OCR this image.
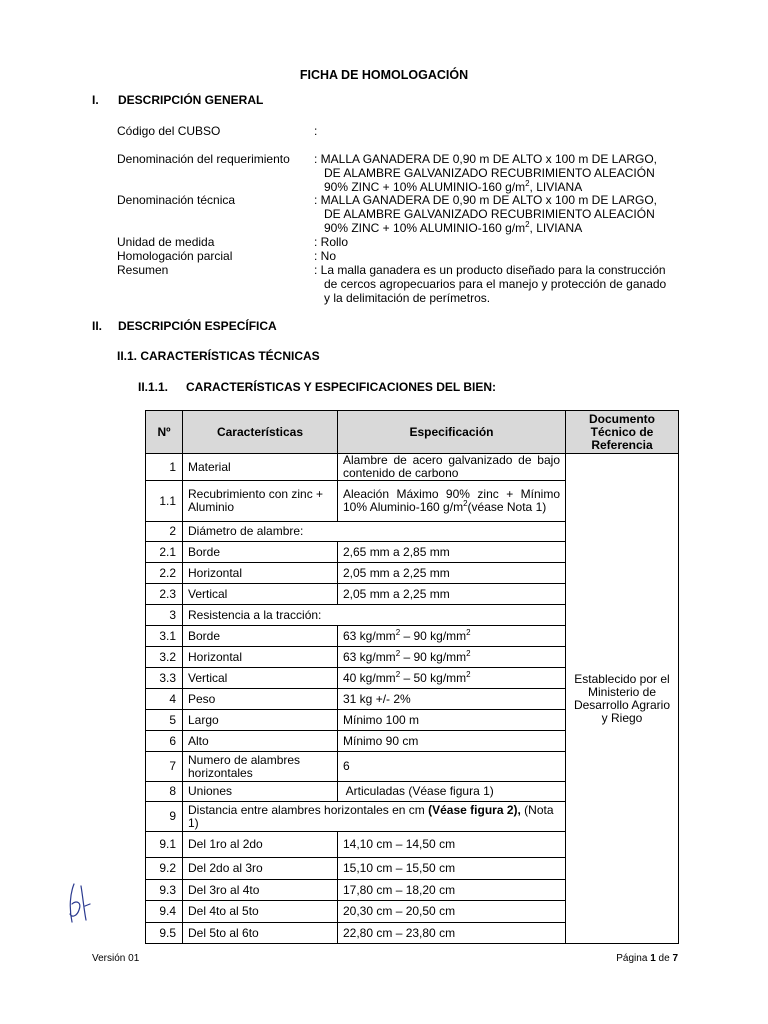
FICHA DE HOMOLOGACIÓN
I. DESCRIPCIÓN GENERAL
Código del CUBSO	:
Denominación del requerimiento : MALLA GANADERA DE 0,90 m DE ALTO x 100 m DE LARGO,
DE ALAMBRE GALVANIZADO RECUBRIMIENTO ALEACIÓN
90% ZINC + 10% ALUMINIO-160 $g/m^2$, LIVIANA
Denominación técnica	: MALLA GANADERA DE 0,90 m DE ALTO x 100 m DE LARGO,
DE ALAMBRE GALVANIZADO RECUBRIMIENTO ALEACIÓN
90% ZINC + 10% ALUMINIO-160 $g/m^2$, LIVIANA
Unidad de medida	: Rollo
Homologación parcial	: No
Resumen	: La malla ganadera es un producto diseñado para la construcción
de cercos agropecuarios para el manejo y protección de ganado
y la delimitación de perímetros.
II. DESCRIPCIÓN ESPECÍFICA
II.1. CARACTERÍSTICAS TÉCNICAS
II.1.1. CARACTERÍSTICAS Y ESPECIFICACIONES DEL BIEN:
Nº	Características	Especificación	Documento Técnico de Referencia
1	Material	Alambre de acero galvanizado de bajo contenido de carbono	Establecido por el Ministerio de Desarrollo Agrario y Riego
1.1	Recubrimiento con zinc + Aluminio	Aleación Máximo 90% zinc + Mínimo 10% Aluminio-160 $g/m^2(véase$ Nota 1)	
2	Diámetro de alambre:		
2.1	Borde	2,65 mm a 2,85 mm	
2.2	Horizontal	2,05 mm a 2,25 mm	
2.3	Vertical	2,05 mm a 2,25 mm	
3	Resistencia a la tracción:		
3.1	Borde	63 $kg/mm^2 - 90$ $kg/mm^2$
3.2	Horizontal	63 $kg/mm^2 - 90$ $kg/mm^2$
3.3	Vertical	40 $kg/mm^2 - 50$ $kg/mm^2$
4	Peso	31 kg +/- 2%	
5	Largo	Mínimo 100 m	
6	Alto	Mínimo 90 cm	
7	Numero de alambres horizontales	6	
8	Uniones	Articuladas (Véase figura 1)	
9	Distancia entre alambres horizontales en cm (Véase figura 2), (Nota 1)		
9.1	Del 1ro al 2do	14,10 cm – 14,50 cm	
9.2	Del 2do al 3ro	15,10 cm – 15,50 cm	
9.3	Del 3ro al 4to	17,80 cm – 18,20 cm	
9.4	Del 4to al 5to	20,30 cm – 20,50 cm	
9.5	Del 5to al 6to	22,80 cm – 23,80 cm	
Versión 01	Página 1 de 7
